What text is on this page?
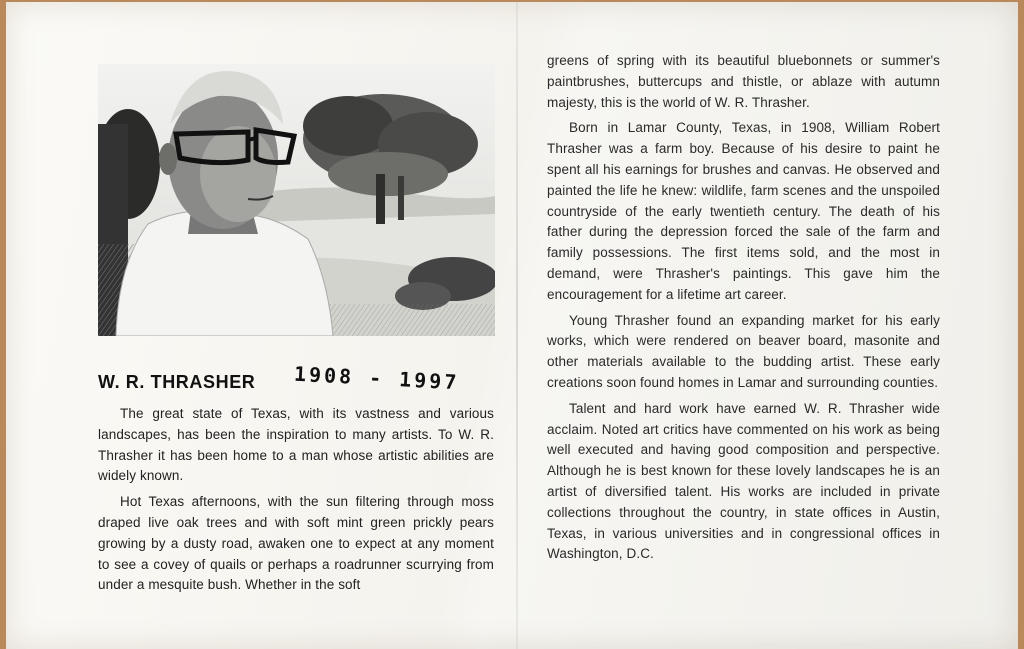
W. R. THRASHER 1908 - 1997

The great state of Texas, with its vastness and various landscapes, has been the inspiration to many artists. To W. R. Thrasher it has been home to a man whose artistic abilities are widely known.

Hot Texas afternoons, with the sun filtering through moss draped live oak trees and with soft mint green prickly pears growing by a dusty road, awaken one to expect at any moment to see a covey of quails or perhaps a roadrunner scurrying from under a mesquite bush. Whether in the soft

greens of spring with its beautiful bluebonnets or summer's paintbrushes, buttercups and thistle, or ablaze with autumn majesty, this is the world of W. R. Thrasher.

Born in Lamar County, Texas, in 1908, William Robert Thrasher was a farm boy. Because of his desire to paint he spent all his earnings for brushes and canvas. He observed and painted the life he knew: wildlife, farm scenes and the unspoiled countryside of the early twentieth century. The death of his father during the depression forced the sale of the farm and family possessions. The first items sold, and the most in demand, were Thrasher's paintings. This gave him the encouragement for a lifetime art career.

Young Thrasher found an expanding market for his early works, which were rendered on beaver board, masonite and other materials available to the budding artist. These early creations soon found homes in Lamar and surrounding counties.

Talent and hard work have earned W. R. Thrasher wide acclaim. Noted art critics have commented on his work as being well executed and having good composition and perspective. Although he is best known for these lovely landscapes he is an artist of diversified talent. His works are included in private collections throughout the country, in state offices in Austin, Texas, in various universities and in congressional offices in Washington, D.C.
